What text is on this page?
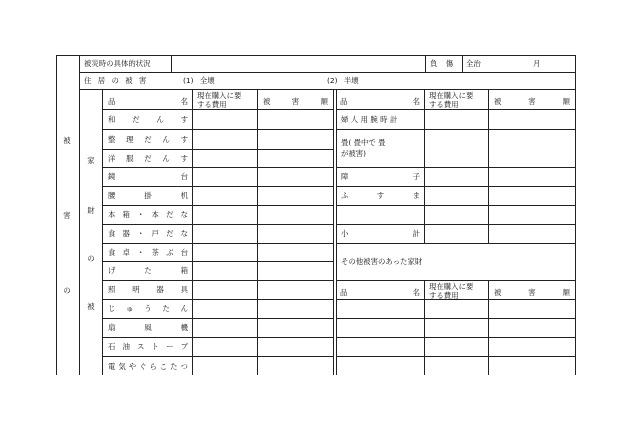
被災時の具体的状況	負 傷 全治	月
住 居 の 被 害	(1) 全壊	(2) 半壊
被
害
の
家
財
の
被
品	名
現在購入に要
する費用	被	害	額
和 だ ん す
整 理 だ ん す
洋 服 だ ん す
鏡	台
腰	掛	机
本 箱 ・ 本 だ な
食 器 ・ 戸 だ な
食 卓 ・ 茶 ぶ 台
げ	た	箱
照 明 器 具
じ ゅ う た ん
扇	風	機
石 油 ス ト ー ブ
電 気 や ぐ ら こ た つ
品	名
現在購入に要
する費用	被	害	額
婦人用腕時計
畳( 畳中で 畳
が被害)
障	子
ふ	す	ま
小	計
その他被害のあった家財
品	名
現在購入に要
する費用	被	害	額
